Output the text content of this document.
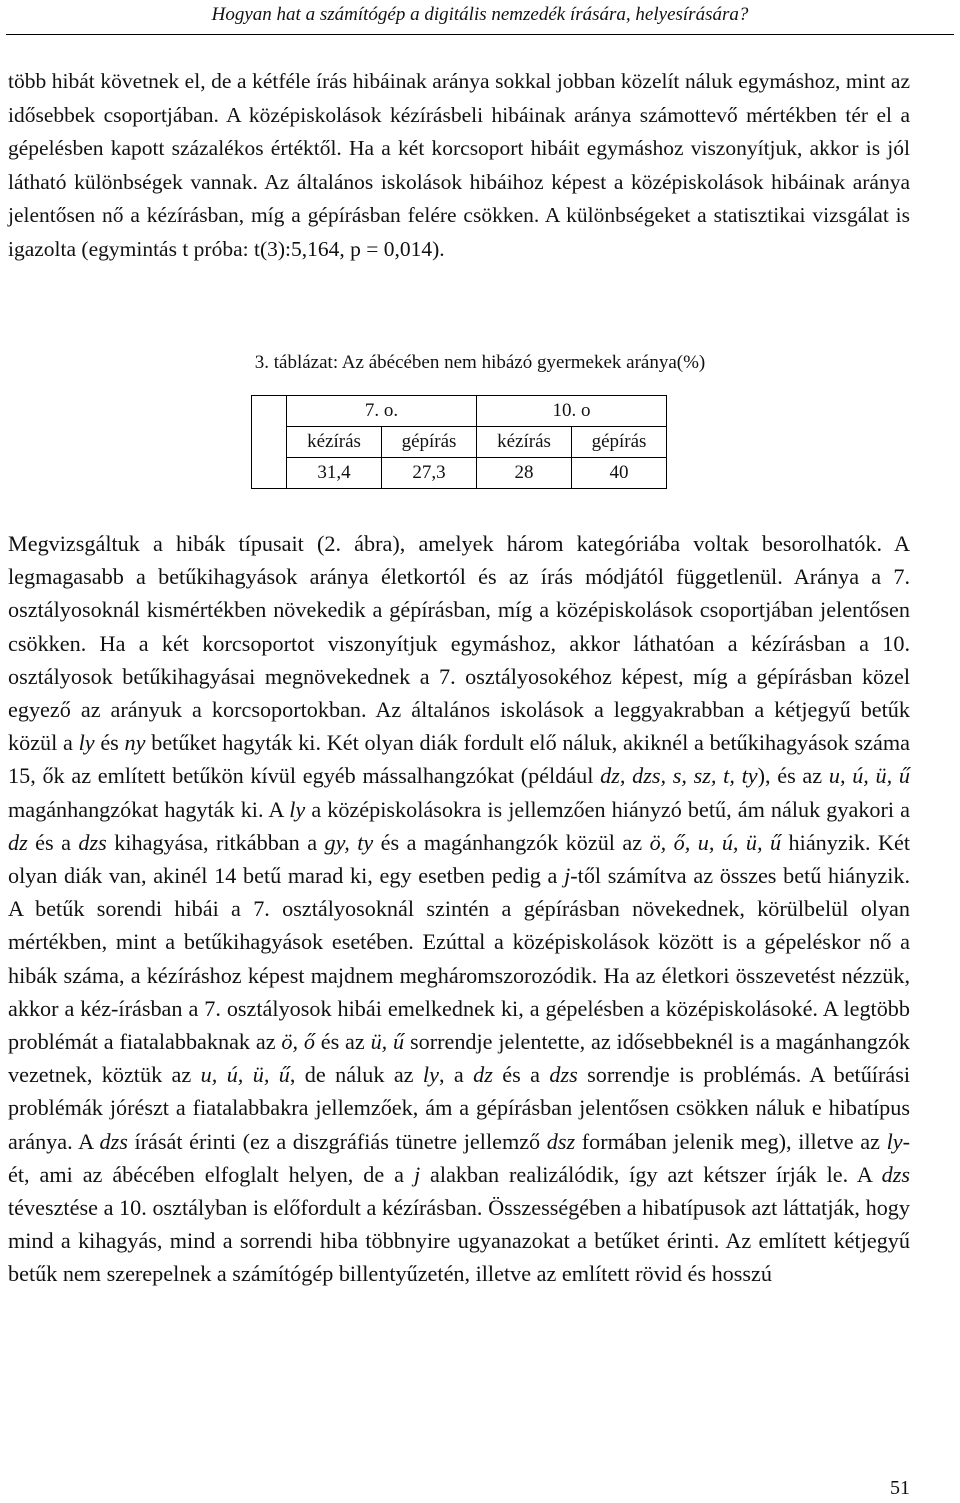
Hogyan hat a számítógép a digitális nemzedék írására, helyesírására?

több hibát követnek el, de a kétféle írás hibáinak aránya sokkal jobban közelít náluk egymáshoz, mint az idősebbek csoportjában. A középiskolások kézírásbeli hibáinak aránya számottevő mértékben tér el a gépelésben kapott százalékos értéktől. Ha a két korcsoport hibáit egymáshoz viszonyítjuk, akkor is jól látható különbségek vannak. Az általános iskolások hibáihoz képest a középiskolások hibáinak aránya jelentősen nő a kézírásban, míg a gépírásban felére csökken. A különbségeket a statisztikai vizsgálat is igazolta (egymintás t próba: t(3):5,164, p = 0,014).

3. táblázat: Az ábécében nem hibázó gyermekek aránya(%)
	7. o.		10. o	
	kézírás	gépírás	kézírás	gépírás
	31,4	27,3	28	40

Megvizsgáltuk a hibák típusait (2. ábra), amelyek három kategóriába voltak besorolhatók. A legmagasabb a betűkihagyások aránya életkortól és az írás módjától függetlenül. Aránya a 7. osztályosoknál kismértékben növekedik a gépírásban, míg a középiskolások csoportjában jelentősen csökken. Ha a két korcsoportot viszonyítjuk egymáshoz, akkor láthatóan a kézírásban a 10. osztályosok betűkihagyásai megnövekednek a 7. osztályosokéhoz képest, míg a gépírásban közel egyező az arányuk a korcsoportokban. Az általános iskolások a leggyakrabban a kétjegyű betűk közül a ly és ny betűket hagyták ki. Két olyan diák fordult elő náluk, akiknél a betűkihagyások száma 15, ők az említett betűkön kívül egyéb mássalhangzókat (például dz, dzs, s, sz, t, ty), és az u, ú, ü, ű magánhangzókat hagyták ki. A ly a középiskolásokra is jellemzően hiányzó betű, ám náluk gyakori a dz és a dzs kihagyása, ritkábban a gy, ty és a magánhangzók közül az ö, ő, u, ú, ü, ű hiányzik. Két olyan diák van, akinél 14 betű marad ki, egy esetben pedig a j-től számítva az összes betű hiányzik. A betűk sorendi hibái a 7. osztályosoknál szintén a gépírásban növekednek, körülbelül olyan mértékben, mint a betűkihagyások esetében. Ezúttal a középiskolások között is a gépeléskor nő a hibák száma, a kézíráshoz képest majdnem megháromszorozódik. Ha az életkori összevetést nézzük, akkor a kéz-írásban a 7. osztályosok hibái emelkednek ki, a gépelésben a középiskolásoké. A legtöbb problémát a fiatalabbaknak az ö, ő és az ü, ű sorrendje jelentette, az idősebbeknél is a magánhangzók vezetnek, köztük az u, ú, ü, ű, de náluk az ly, a dz és a dzs sorrendje is problémás. A betűírási problémák jórészt a fiatalabbakra jellemzőek, ám a gépírásban jelentősen csökken náluk e hibatípus aránya. A dzs írását érinti (ez a diszgráfiás tünetre jellemző dsz formában jelenik meg), illetve az ly-ét, ami az ábécében elfoglalt helyen, de a j alakban realizálódik, így azt kétszer írják le. A dzs tévesztése a 10. osztályban is előfordult a kézírásban. Összességében a hibatípusok azt láttatják, hogy mind a kihagyás, mind a sorrendi hiba többnyire ugyanazokat a betűket érinti. Az említett kétjegyű betűk nem szerepelnek a számítógép billentyűzetén, illetve az említett rövid és hosszú

51
